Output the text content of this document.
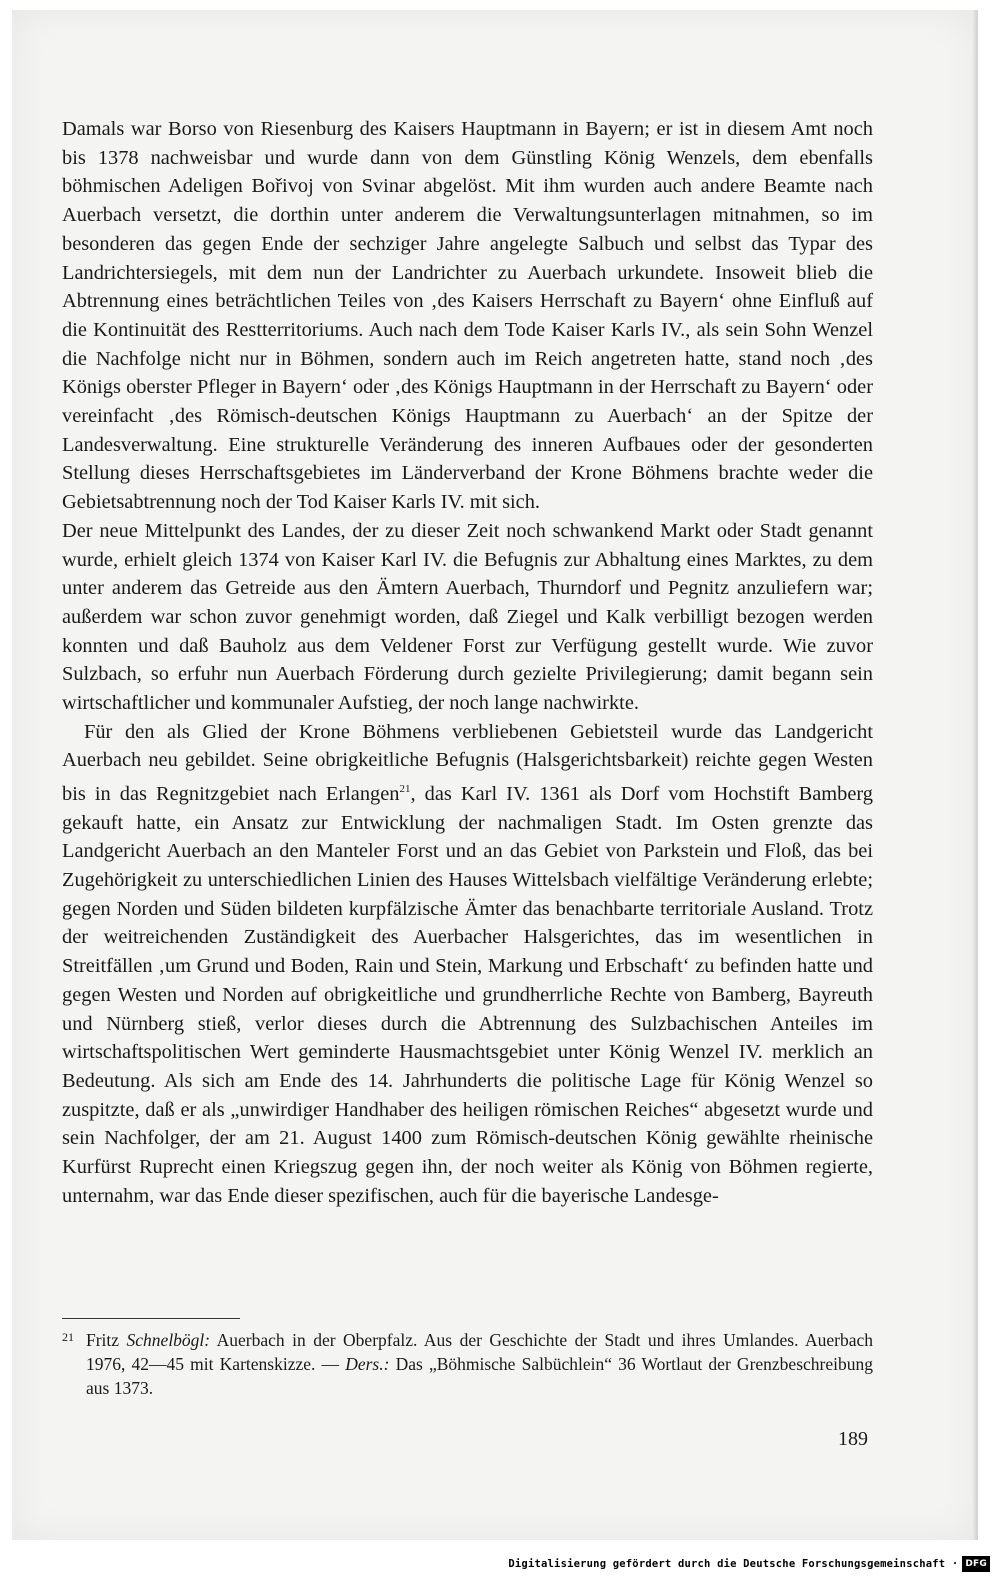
Damals war Borso von Riesenburg des Kaisers Hauptmann in Bayern; er ist in diesem Amt noch bis 1378 nachweisbar und wurde dann von dem Günstling König Wenzels, dem ebenfalls böhmischen Adeligen Bořivoj von Svinar abgelöst. Mit ihm wurden auch andere Beamte nach Auerbach versetzt, die dorthin unter anderem die Verwaltungsunterlagen mitnahmen, so im besonderen das gegen Ende der sechziger Jahre angelegte Salbuch und selbst das Typar des Landrichtersiegels, mit dem nun der Landrichter zu Auerbach urkundete. Insoweit blieb die Abtrennung eines beträchtlichen Teiles von ‚des Kaisers Herrschaft zu Bayern‘ ohne Einfluß auf die Kontinuität des Restterritoriums. Auch nach dem Tode Kaiser Karls IV., als sein Sohn Wenzel die Nachfolge nicht nur in Böhmen, sondern auch im Reich angetreten hatte, stand noch ‚des Königs oberster Pfleger in Bayern‘ oder ‚des Königs Hauptmann in der Herrschaft zu Bayern‘ oder vereinfacht ‚des Römisch-deutschen Königs Hauptmann zu Auerbach‘ an der Spitze der Landesverwaltung. Eine strukturelle Veränderung des inneren Aufbaues oder der gesonderten Stellung dieses Herrschaftsgebietes im Länderverband der Krone Böhmens brachte weder die Gebietsabtrennung noch der Tod Kaiser Karls IV. mit sich.

Der neue Mittelpunkt des Landes, der zu dieser Zeit noch schwankend Markt oder Stadt genannt wurde, erhielt gleich 1374 von Kaiser Karl IV. die Befugnis zur Abhaltung eines Marktes, zu dem unter anderem das Getreide aus den Ämtern Auerbach, Thurndorf und Pegnitz anzuliefern war; außerdem war schon zuvor genehmigt worden, daß Ziegel und Kalk verbilligt bezogen werden konnten und daß Bauholz aus dem Veldener Forst zur Verfügung gestellt wurde. Wie zuvor Sulzbach, so erfuhr nun Auerbach Förderung durch gezielte Privilegierung; damit begann sein wirtschaftlicher und kommunaler Aufstieg, der noch lange nachwirkte.

Für den als Glied der Krone Böhmens verbliebenen Gebietsteil wurde das Landgericht Auerbach neu gebildet. Seine obrigkeitliche Befugnis (Halsgerichtsbarkeit) reichte gegen Westen bis in das Regnitzgebiet nach Erlangen$^{21}$, das Karl IV. 1361 als Dorf vom Hochstift Bamberg gekauft hatte, ein Ansatz zur Entwicklung der nachmaligen Stadt. Im Osten grenzte das Landgericht Auerbach an den Manteler Forst und an das Gebiet von Parkstein und Floß, das bei Zugehörigkeit zu unterschiedlichen Linien des Hauses Wittelsbach vielfältige Veränderung erlebte; gegen Norden und Süden bildeten kurpfälzische Ämter das benachbarte territoriale Ausland. Trotz der weitreichenden Zuständigkeit des Auerbacher Halsgerichtes, das im wesentlichen in Streitfällen ‚um Grund und Boden, Rain und Stein, Markung und Erbschaft‘ zu befinden hatte und gegen Westen und Norden auf obrigkeitliche und grundherrliche Rechte von Bamberg, Bayreuth und Nürnberg stieß, verlor dieses durch die Abtrennung des Sulzbachischen Anteiles im wirtschaftspolitischen Wert geminderte Hausmachtsgebiet unter König Wenzel IV. merklich an Bedeutung. Als sich am Ende des 14. Jahrhunderts die politische Lage für König Wenzel so zuspitzte, daß er als „unwirdiger Handhaber des heiligen römischen Reiches“ abgesetzt wurde und sein Nachfolger, der am 21. August 1400 zum Römisch-deutschen König gewählte rheinische Kurfürst Ruprecht einen Kriegszug gegen ihn, der noch weiter als König von Böhmen regierte, unternahm, war das Ende dieser spezifischen, auch für die bayerische Landesge-

21 Fritz Schnelbögl: Auerbach in der Oberpfalz. Aus der Geschichte der Stadt und ihres Umlandes. Auerbach 1976, 42—45 mit Kartenskizze. — Ders.: Das „Böhmische Salbüchlein“ 36 Wortlaut der Grenzbeschreibung aus 1373.
189
Digitalisierung gefördert durch die Deutsche Forschungsgemeinschaft · DFG
